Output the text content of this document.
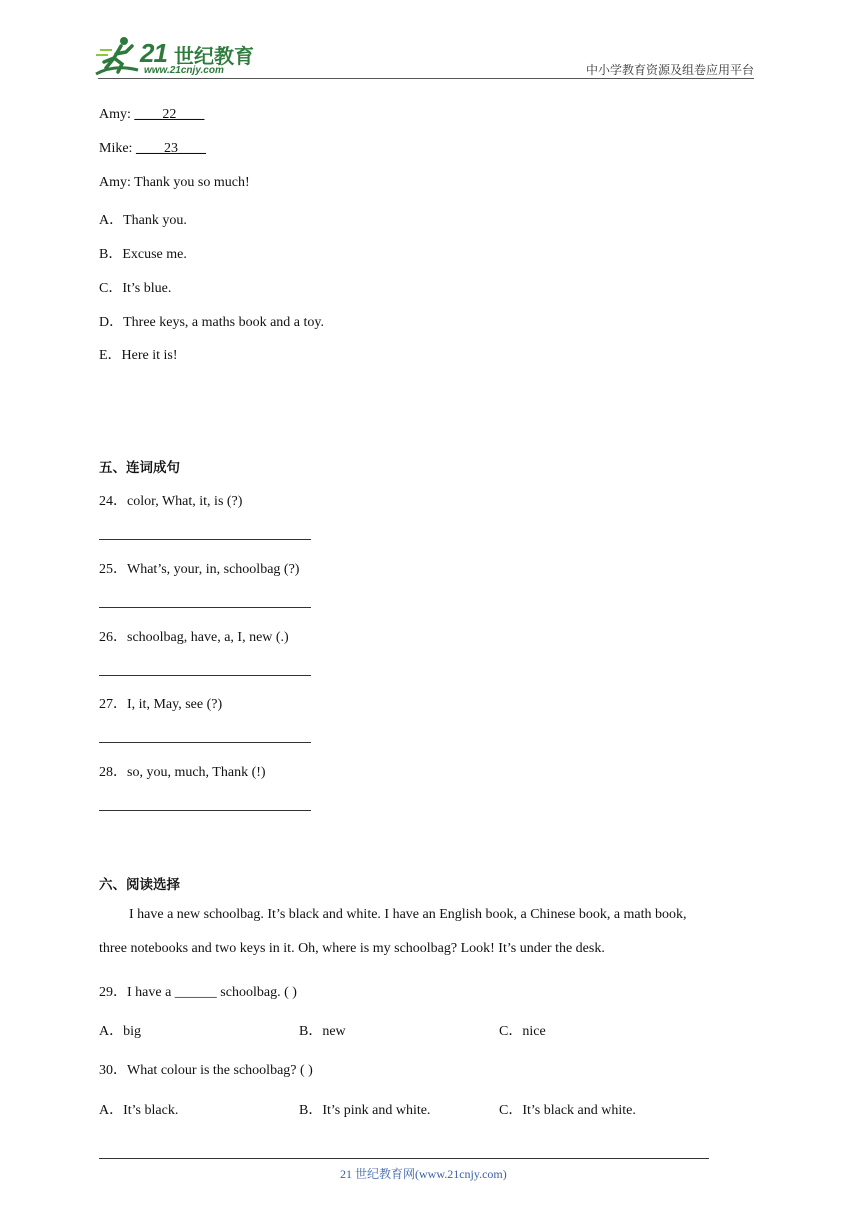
21 世纪教育
www.21cnjy.com	中小学教育资源及组卷应用平台
Amy: ____22____
Mike: ____23____
Amy: Thank you so much!
A．Thank you.
B．Excuse me.
C．It’s blue.
D．Three keys, a maths book and a toy.
E．Here it is!
五、连词成句
24．color, What, it, is (?)
25．What’s, your, in, schoolbag (?)
26．schoolbag, have, a, I, new (.)
27．I, it, May, see (?)
28．so, you, much, Thank (!)
六、阅读选择
I have a new schoolbag. It’s black and white. I have an English book, a Chinese book, a math book,
three notebooks and two keys in it. Oh, where is my schoolbag? Look! It’s under the desk.
29．I have a ______ schoolbag. ( )
A．big	B．new	C．nice
30．What colour is the schoolbag? ( )
A．It’s black.	B．It’s pink and white.	C．It’s black and white.
21 世纪教育网(www.21cnjy.com)
